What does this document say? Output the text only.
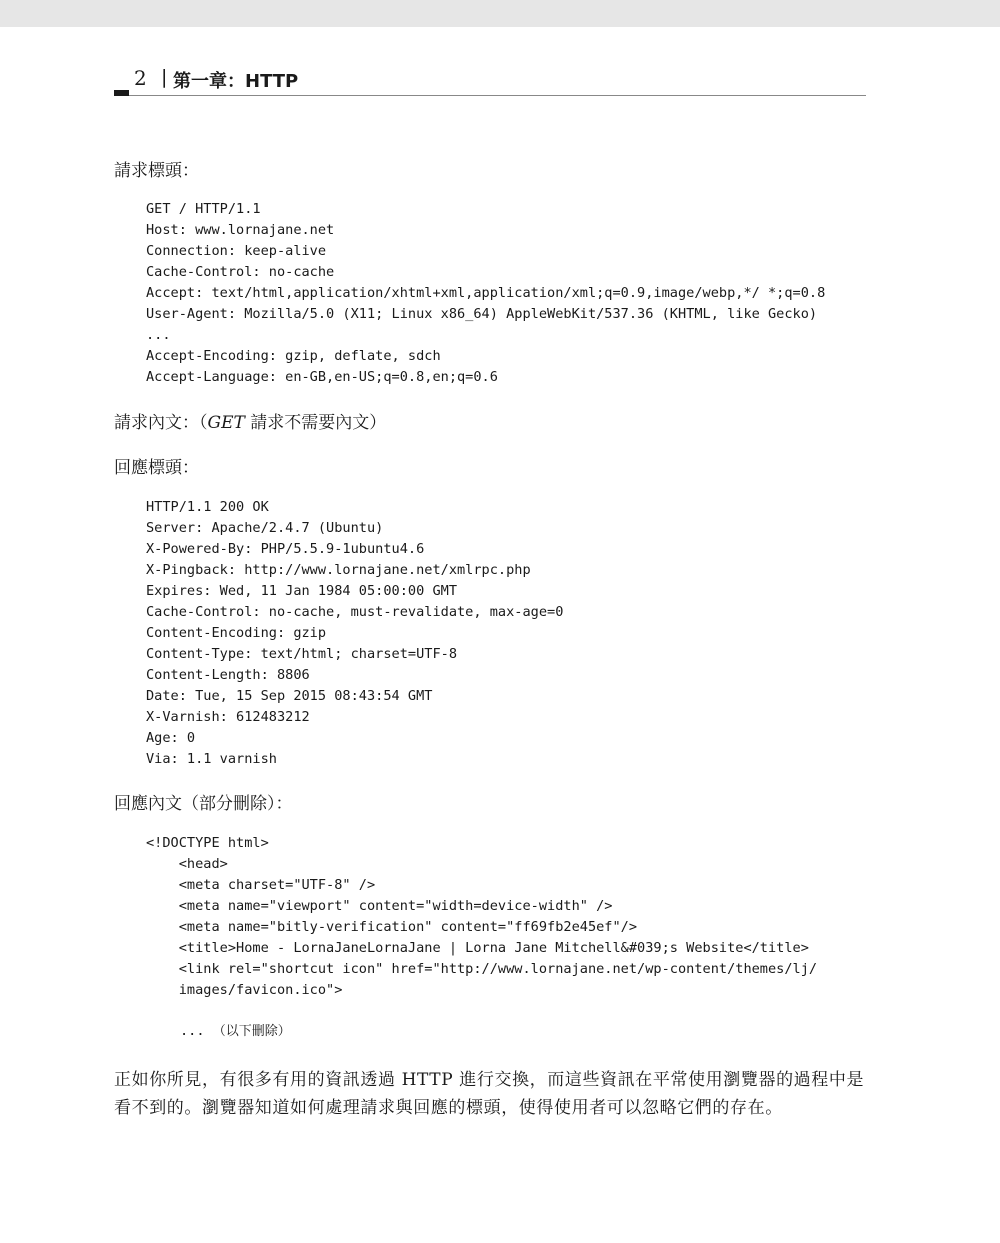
2 | 第一章：HTTP
請求標頭：
GET / HTTP/1.1
Host: www.lornajane.net
Connection: keep-alive
Cache-Control: no-cache
Accept: text/html,application/xhtml+xml,application/xml;q=0.9,image/webp,*/ *;q=0.8
User-Agent: Mozilla/5.0 (X11; Linux x86_64) AppleWebKit/537.36 (KHTML, like Gecko)
...
Accept-Encoding: gzip, deflate, sdch
Accept-Language: en-GB,en-US;q=0.8,en;q=0.6
請求內文：（GET 請求不需要內文）
回應標頭：
HTTP/1.1 200 OK
Server: Apache/2.4.7 (Ubuntu)
X-Powered-By: PHP/5.5.9-1ubuntu4.6
X-Pingback: http://www.lornajane.net/xmlrpc.php
Expires: Wed, 11 Jan 1984 05:00:00 GMT
Cache-Control: no-cache, must-revalidate, max-age=0
Content-Encoding: gzip
Content-Type: text/html; charset=UTF-8
Content-Length: 8806
Date: Tue, 15 Sep 2015 08:43:54 GMT
X-Varnish: 612483212
Age: 0
Via: 1.1 varnish
回應內文（部分刪除）：
<!DOCTYPE html>
<head>
<meta charset="UTF-8" />
<meta name="viewport" content="width=device-width" />
<meta name="bitly-verification" content="ff69fb2e45ef"/>
<title>Home - LornaJaneLornaJane | Lorna Jane Mitchell&#039;s Website</title>
<link rel="shortcut icon" href="http://www.lornajane.net/wp-content/themes/lj/
images/favicon.ico">
... （以下刪除）

正如你所見，有很多有用的資訊透過 HTTP 進行交換，而這些資訊在平常使用瀏覽器的過程中是看不到的。瀏覽器知道如何處理請求與回應的標頭，使得使用者可以忽略它們的存在。
